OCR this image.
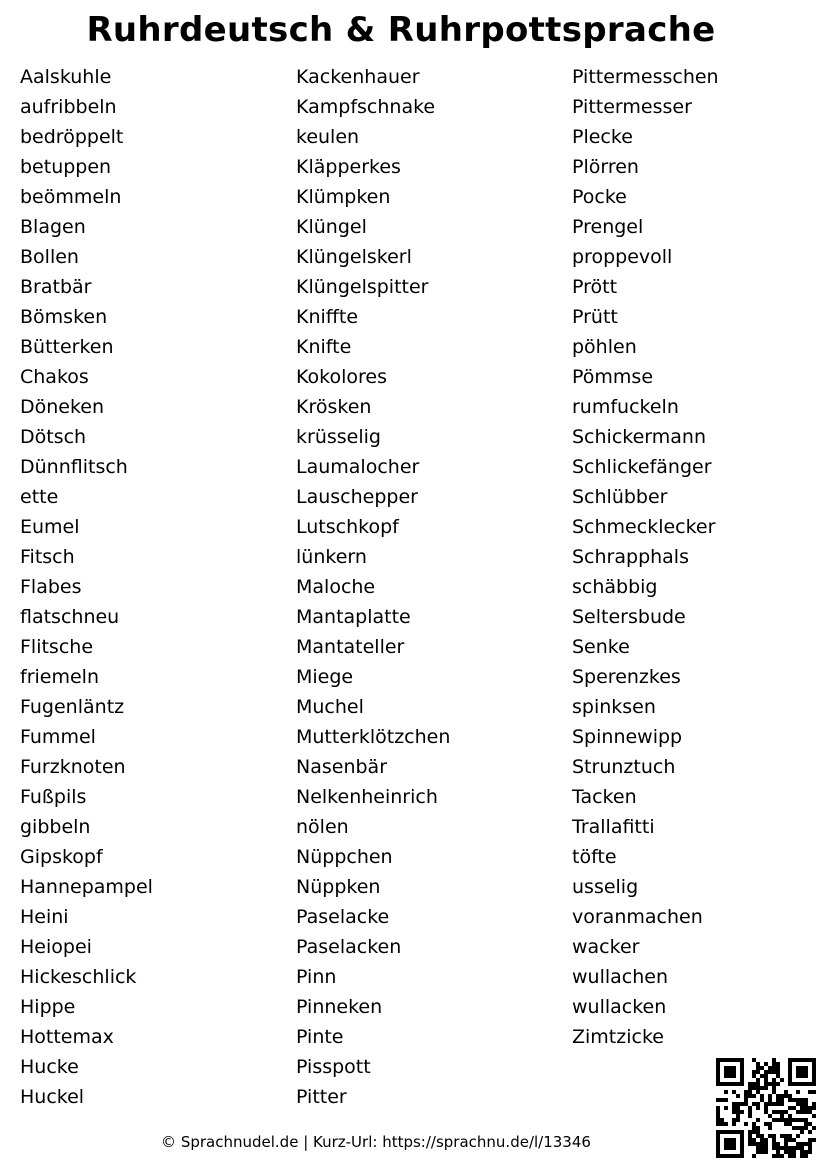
Ruhrdeutsch & Ruhrpottsprache
Aalskuhle
aufribbeln
bedröppelt
betuppen
beömmeln
Blagen
Bollen
Bratbär
Bömsken
Bütterken
Chakos
Döneken
Dötsch
Dünnflitsch
ette
Eumel
Fitsch
Flabes
flatschneu
Flitsche
friemeln
Fugenläntz
Fummel
Furzknoten
Fußpils
gibbeln
Gipskopf
Hannepampel
Heini
Heiopei
Hickeschlick
Hippe
Hottemax
Hucke
Huckel
Kackenhauer
Kampfschnake
keulen
Kläpperkes
Klümpken
Klüngel
Klüngelskerl
Klüngelspitter
Kniffte
Knifte
Kokolores
Krösken
krüsselig
Laumalocher
Lauschepper
Lutschkopf
lünkern
Maloche
Mantaplatte
Mantateller
Miege
Muchel
Mutterklötzchen
Nasenbär
Nelkenheinrich
nölen
Nüppchen
Nüppken
Paselacke
Paselacken
Pinn
Pinneken
Pinte
Pisspott
Pitter
Pittermesschen
Pittermesser
Plecke
Plörren
Pocke
Prengel
proppevoll
Prött
Prütt
pöhlen
Pömmse
rumfuckeln
Schickermann
Schlickefänger
Schlübber
Schmecklecker
Schrapphals
schäbbig
Seltersbude
Senke
Sperenzkes
spinksen
Spinnewipp
Strunztuch
Tacken
Trallafitti
töfte
usselig
voranmachen
wacker
wullachen
wullacken
Zimtzicke
© Sprachnudel.de | Kurz-Url: https://sprachnu.de/l/13346
